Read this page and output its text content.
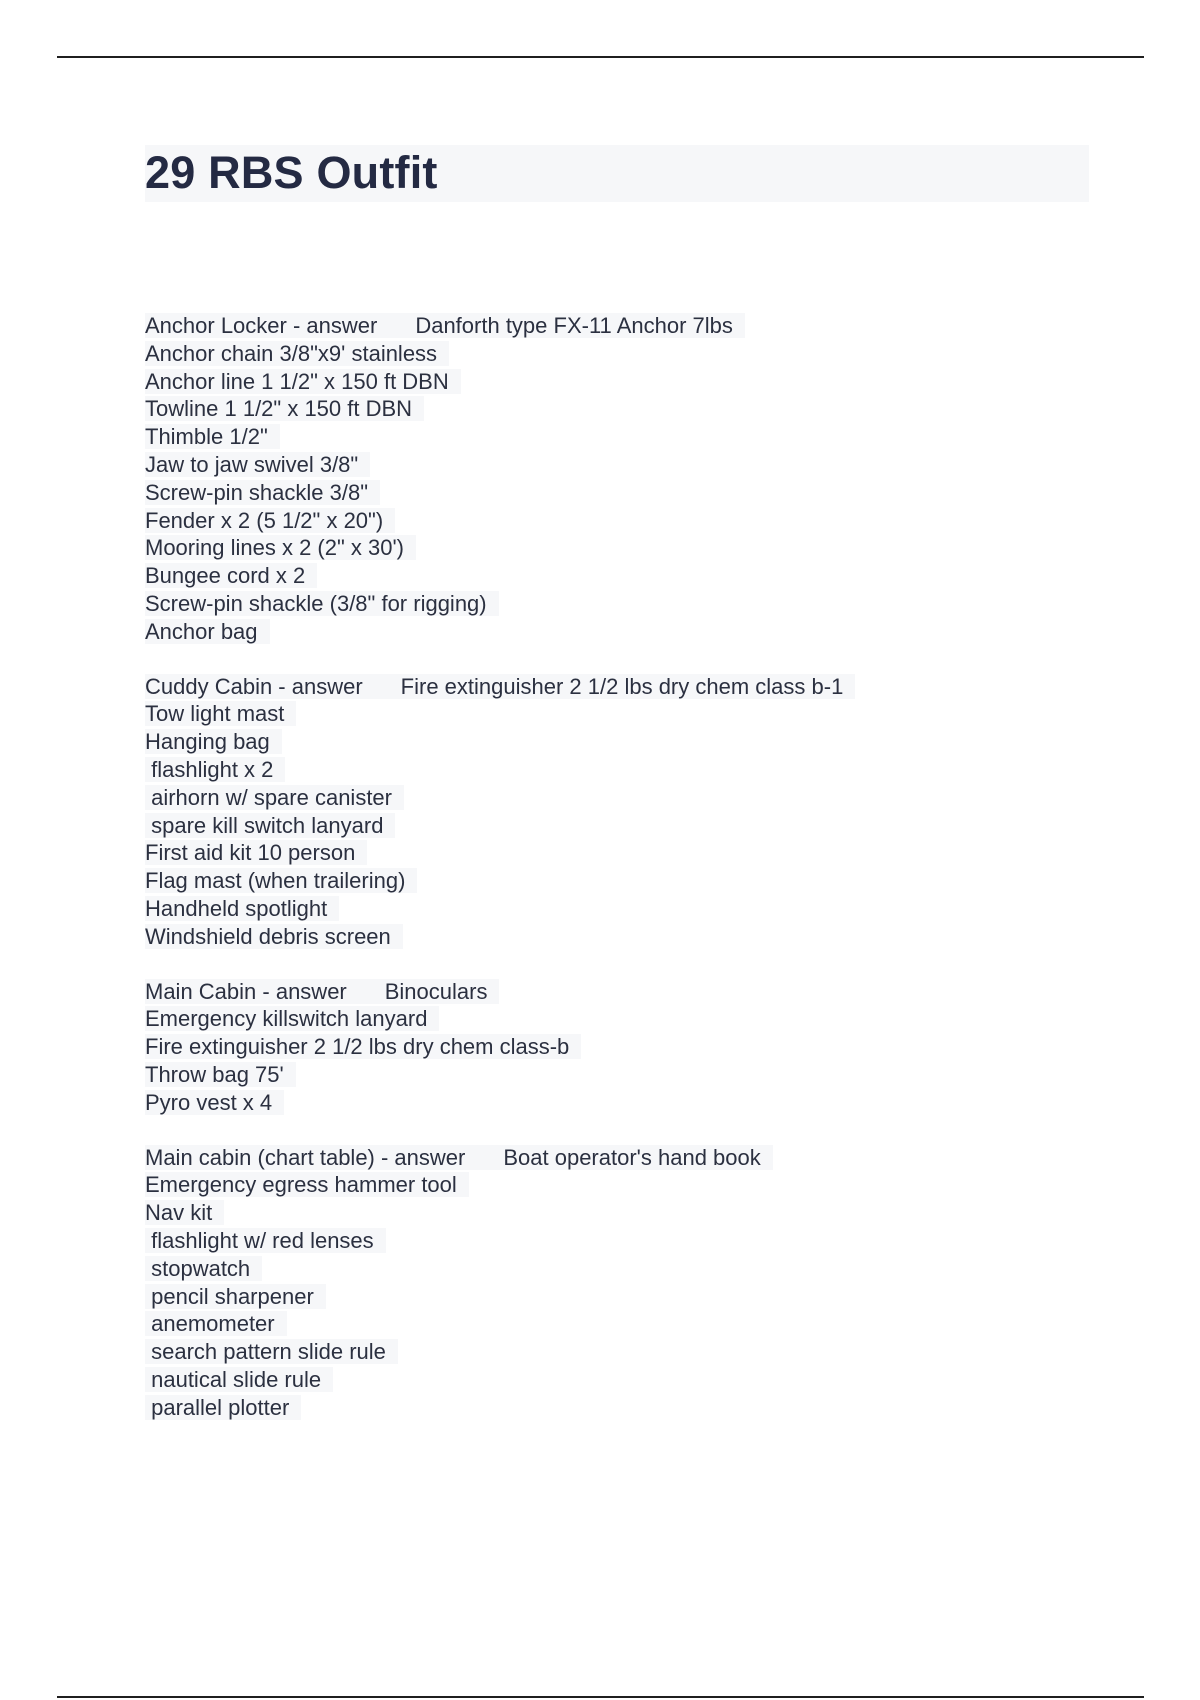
29 RBS Outfit
Anchor Locker - answer Danforth type FX-11 Anchor 7lbs
Anchor chain 3/8"x9' stainless
Anchor line 1 1/2" x 150 ft DBN
Towline 1 1/2" x 150 ft DBN
Thimble 1/2"
Jaw to jaw swivel 3/8"
Screw-pin shackle 3/8"
Fender x 2 (5 1/2" x 20")
Mooring lines x 2 (2" x 30')
Bungee cord x 2
Screw-pin shackle (3/8" for rigging)
Anchor bag
Cuddy Cabin - answer Fire extinguisher 2 1/2 lbs dry chem class b-1
Tow light mast
Hanging bag
flashlight x 2
airhorn w/ spare canister
spare kill switch lanyard
First aid kit 10 person
Flag mast (when trailering)
Handheld spotlight
Windshield debris screen
Main Cabin - answer Binoculars
Emergency killswitch lanyard
Fire extinguisher 2 1/2 lbs dry chem class-b
Throw bag 75'
Pyro vest x 4
Main cabin (chart table) - answer Boat operator's hand book
Emergency egress hammer tool
Nav kit
flashlight w/ red lenses
stopwatch
pencil sharpener
anemometer
search pattern slide rule
nautical slide rule
parallel plotter
